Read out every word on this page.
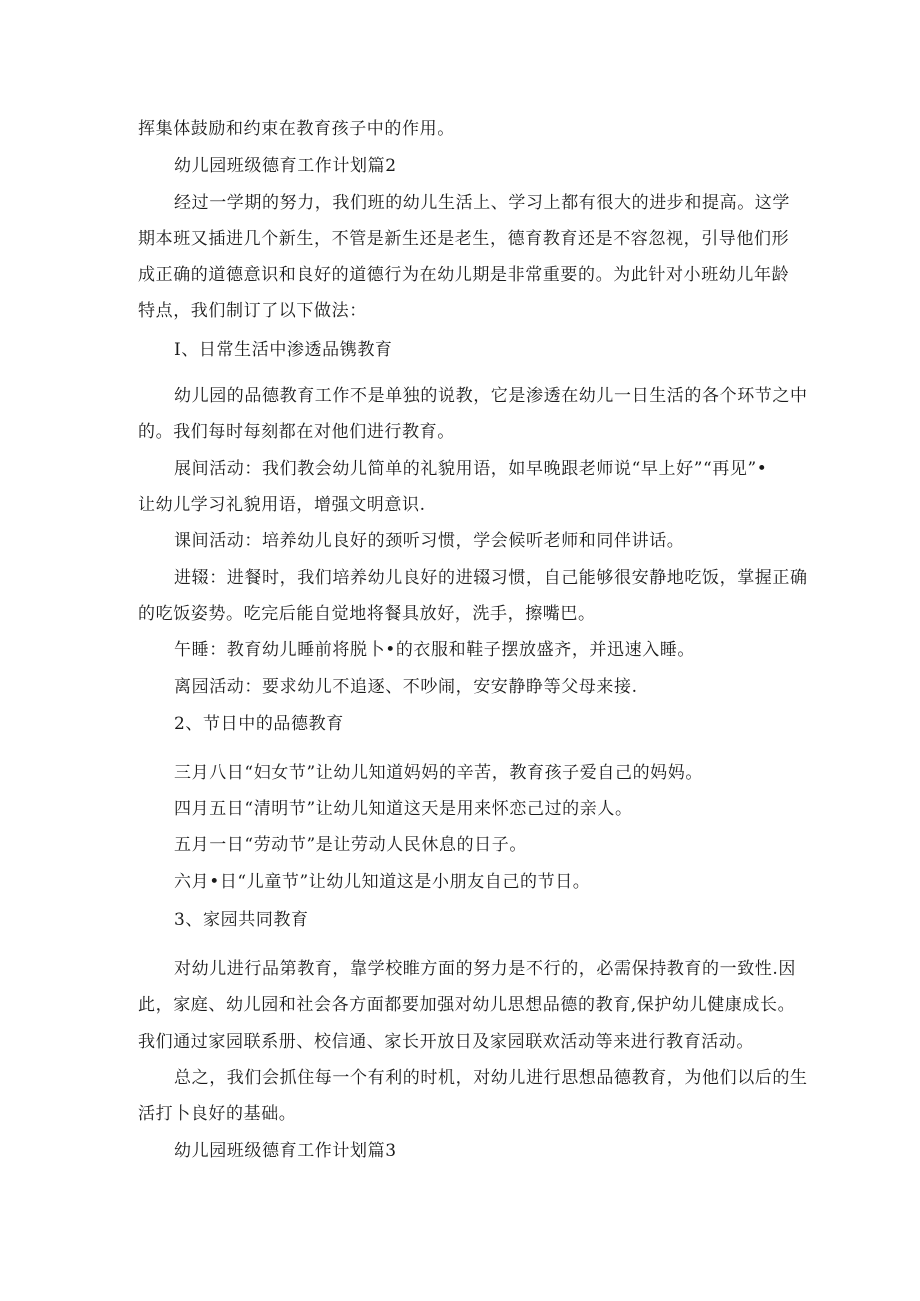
挥集体鼓励和约束在教育孩子中的作用。
幼儿园班级德育工作计划篇2
经过一学期的努力，我们班的幼儿生活上、学习上都有很大的进步和提高。这学
期本班又插进几个新生，不管是新生还是老生，德育教育还是不容忽视，引导他们形
成正确的道德意识和良好的道德行为在幼儿期是非常重要的。为此针对小班幼儿年龄
特点，我们制订了以下做法：
I、日常生活中渗透品镌教育
幼儿园的品德教育工作不是单独的说教，它是渗透在幼儿一日生活的各个环节之中
的。我们每时每刻都在对他们进行教育。
展间活动：我们教会幼儿简单的礼貌用语，如早晚跟老师说“早上好”“再见”•
让幼儿学习礼貌用语，增强文明意识.
课间活动：培养幼儿良好的颈听习惯，学会候听老师和同伴讲话。
进辍：进餐时，我们培养幼儿良好的进辍习惯，自己能够很安静地吃饭，掌握正确
的吃饭姿势。吃完后能自觉地将餐具放好，洗手，擦嘴巴。
午睡：教育幼儿睡前将脱卜•的衣服和鞋子摆放盛齐，并迅速入睡。
离园活动：要求幼儿不追逐、不吵闹，安安静睁等父母来接.
2、节日中的品德教育
三月八日“妇女节”让幼儿知道妈妈的辛苦，教育孩子爱自己的妈妈。
四月五日“清明节”让幼儿知道这天是用来怀恋己过的亲人。
五月一日“劳动节”是让劳动人民休息的日子。
六月•日“儿童节”让幼儿知道这是小朋友自己的节日。
3、家园共同教育
对幼儿进行品第教育，靠学校睢方面的努力是不行的，必需保持教育的一致性.因
此，家庭、幼儿园和社会各方面都要加强对幼儿思想品德的教育,保护幼儿健康成长。
我们通过家园联系册、校信通、家长开放日及家园联欢活动等来进行教育活动。
总之，我们会抓住每一个有利的时机，对幼儿进行思想品德教育，为他们以后的生
活打卜良好的基础。
幼儿园班级德育工作计划篇3
